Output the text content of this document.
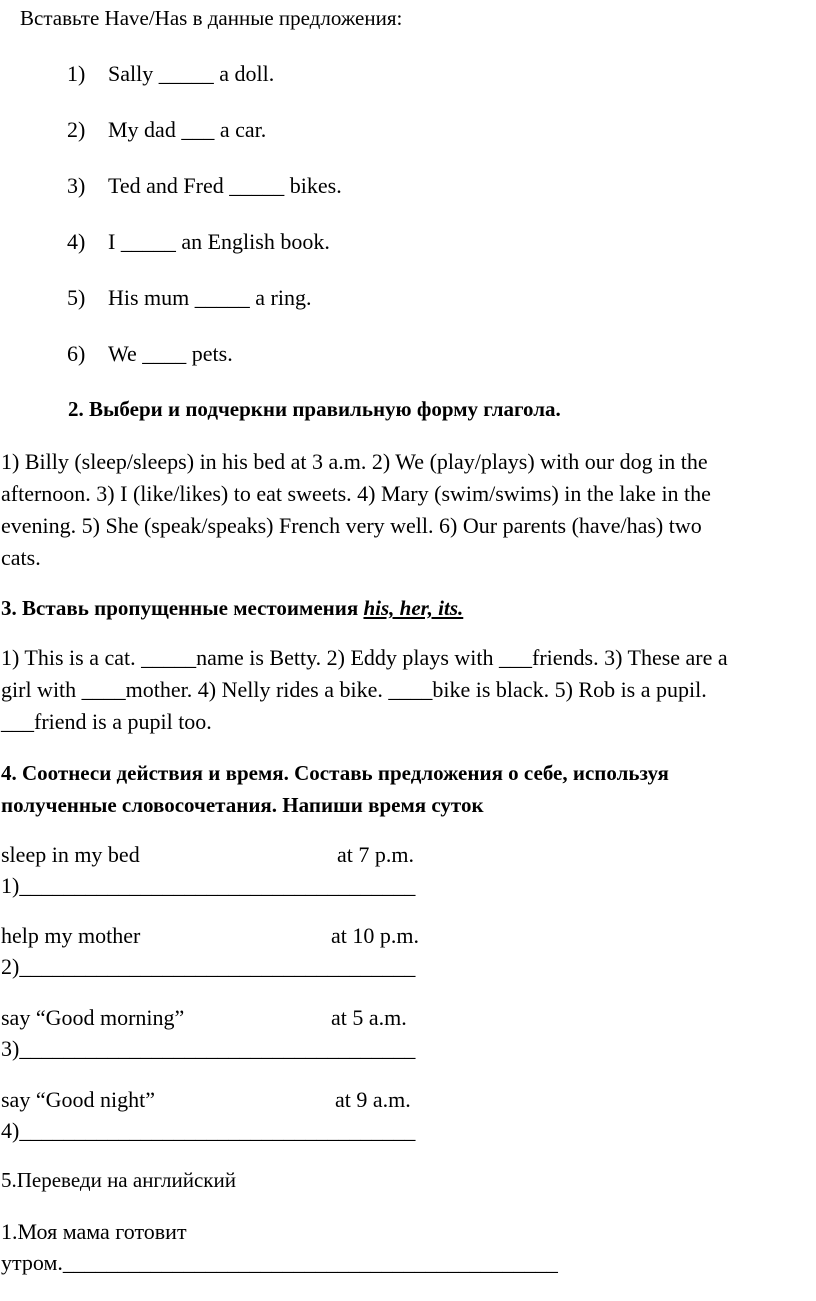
Вставьте Have/Has в данные предложения:
1) Sally _____ a doll.
2) My dad ___ a car.
3) Ted and Fred _____ bikes.
4) I _____ an English book.
5) His mum _____ a ring.
6) We ____ pets.
2. Выбери и подчеркни правильную форму глагола.
1) Billy (sleep/sleeps) in his bed at 3 a.m. 2) We (play/plays) with our dog in the
afternoon. 3) I (like/likes) to eat sweets. 4) Mary (swim/swims) in the lake in the
evening. 5) She (speak/speaks) French very well. 6) Our parents (have/has) two
cats.
3. Вставь пропущенные местоимения his, her, its.
1) This is a cat. _____name is Betty. 2) Eddy plays with ___friends. 3) These are a
girl with ____mother. 4) Nelly rides a bike. ____bike is black. 5) Rob is a pupil.
___friend is a pupil too.
4. Соотнеси действия и время. Составь предложения о себе, используя
полученные словосочетания. Напиши время суток
sleep in my bed	at 7 p.m.
1)____________________________________
help my mother	at 10 p.m.
2)____________________________________
say “Good morning”	at 5 a.m.
3)____________________________________
say “Good night”	at 9 a.m.
4)____________________________________
5.Переведи на английский
1.Моя мама готовит
утром._____________________________________________
